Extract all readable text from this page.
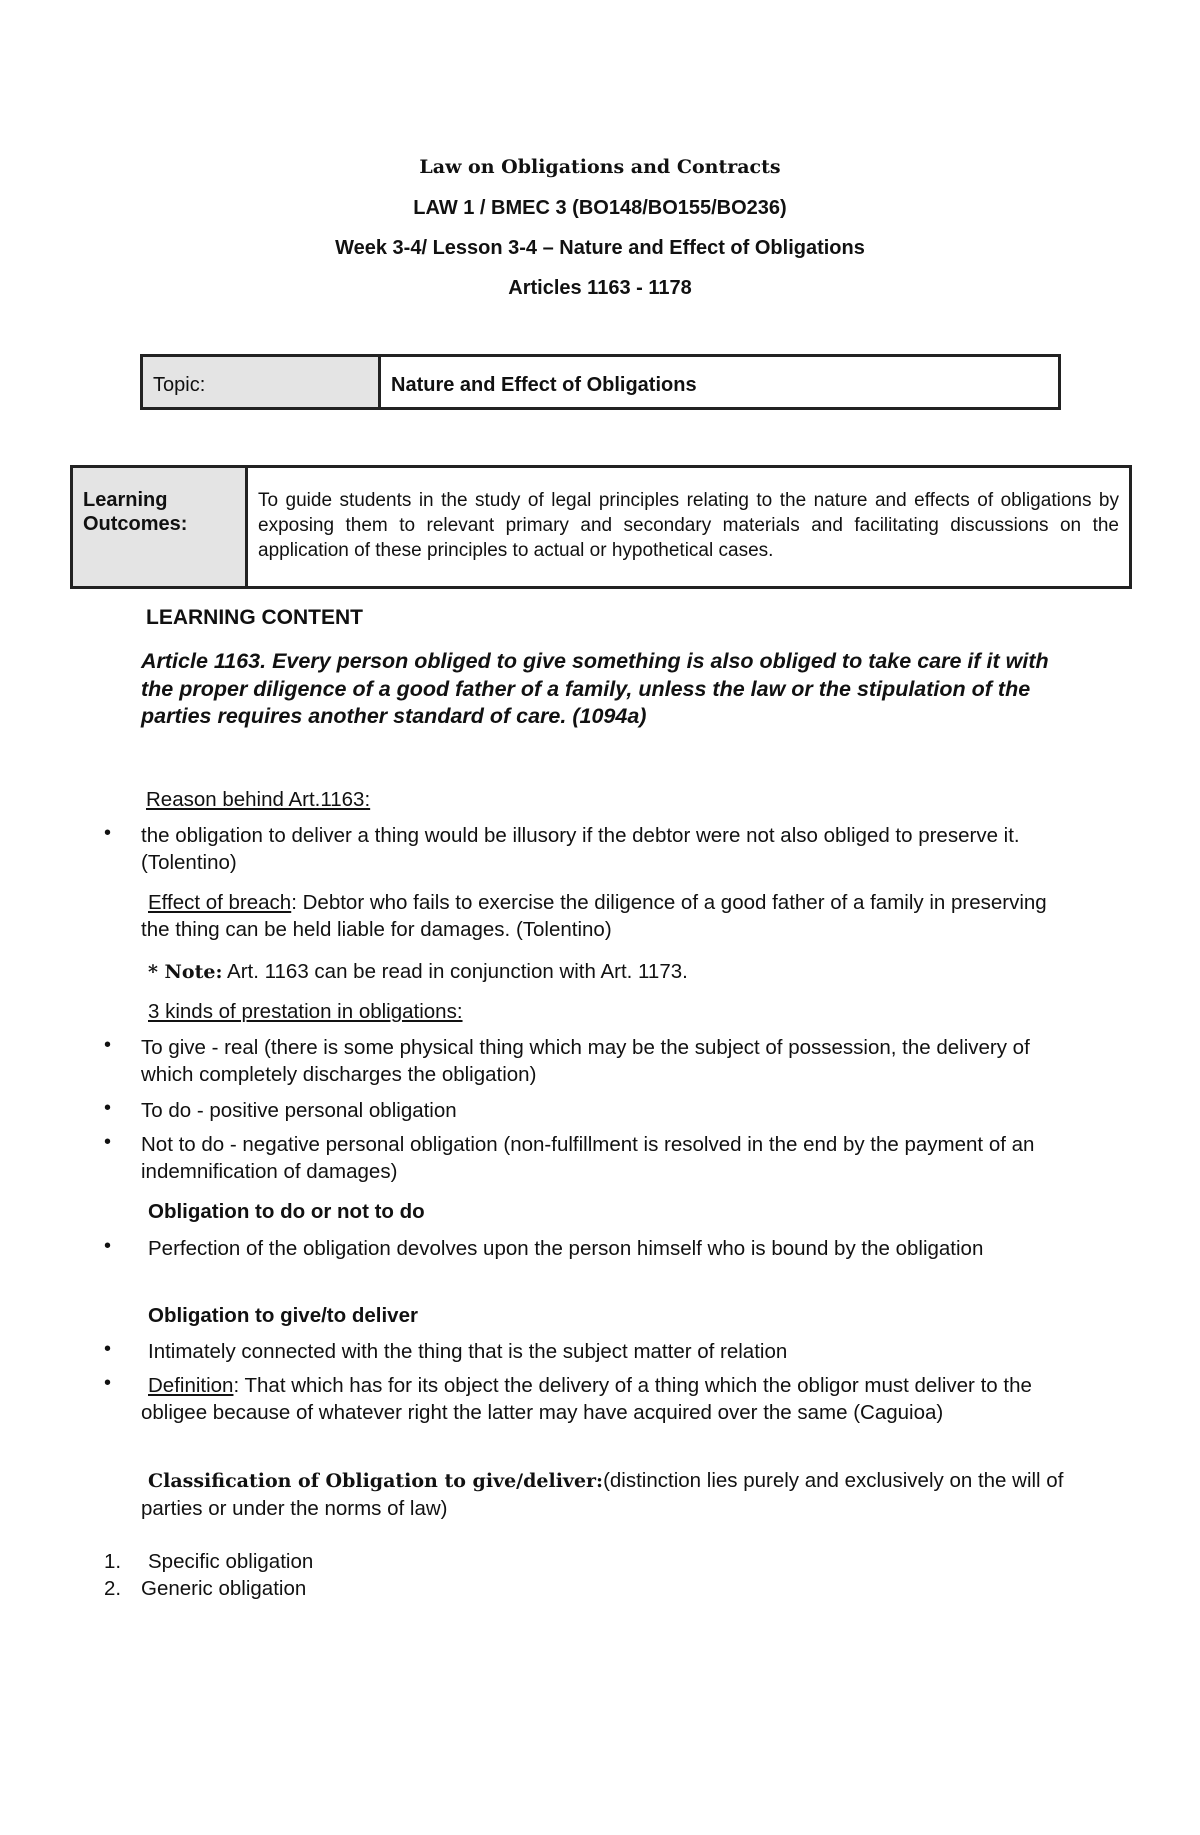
Law on Obligations and Contracts
LAW 1 / BMEC 3 (BO148/BO155/BO236)
Week 3-4/ Lesson 3-4 – Nature and Effect of Obligations
Articles 1163 - 1178
Topic:	Nature and Effect of Obligations
Learning Outcomes:	To guide students in the study of legal principles relating to the nature and effects of obligations by exposing them to relevant primary and secondary materials and facilitating discussions on the application of these principles to actual or hypothetical cases.
LEARNING CONTENT
Article 1163. Every person obliged to give something is also obliged to take care if it with the proper diligence of a good father of a family, unless the law or the stipulation of the parties requires another standard of care. (1094a)
Reason behind Art.1163:
• the obligation to deliver a thing would be illusory if the debtor were not also obliged to preserve it. (Tolentino)
Effect of breach: Debtor who fails to exercise the diligence of a good father of a family in preserving the thing can be held liable for damages. (Tolentino)
* Note: Art. 1163 can be read in conjunction with Art. 1173.
3 kinds of prestation in obligations:
• To give - real (there is some physical thing which may be the subject of possession, the delivery of which completely discharges the obligation)
• To do - positive personal obligation
• Not to do - negative personal obligation (non-fulfillment is resolved in the end by the payment of an indemnification of damages)
Obligation to do or not to do
•	Perfection of the obligation devolves upon the person himself who is bound by the obligation
Obligation to give/to deliver
• Intimately connected with the thing that is the subject matter of relation
•	Definition: That which has for its object the delivery of a thing which the obligor must deliver to the obligee because of whatever right the latter may have acquired over the same (Caguioa)
Classification of Obligation to give/deliver:(distinction lies purely and exclusively on the will of parties or under the norms of law)
1. Specific obligation
2. Generic obligation
